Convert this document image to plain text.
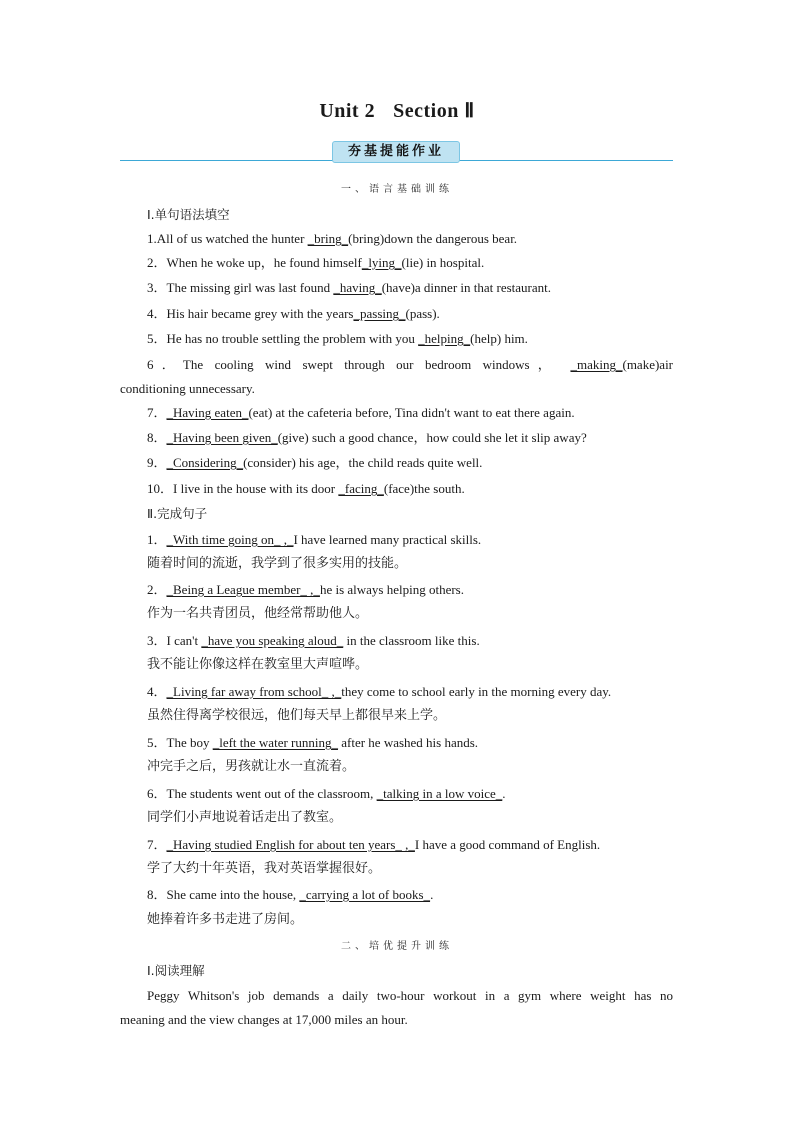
Unit 2 Section Ⅱ
夯基提能作业
一、语言基础训练
Ⅰ.单句语法填空
1.All of us watched the hunter _bring_(bring)down the dangerous bear.
2．When he woke up，he found himself_lying_(lie) in hospital.
3．The missing girl was last found _having_(have)a dinner in that restaurant.
4．His hair became grey with the years_passing_(pass).
5．He has no trouble settling the problem with you _helping_(help) him.
6．The cooling wind swept through our bedroom windows， _making_(make)air
conditioning unnecessary.
7．_Having eaten_(eat) at the cafeteria before, Tina didn't want to eat there again.
8．_Having been given_(give) such a good chance，how could she let it slip away?
9．_Considering_(consider) his age，the child reads quite well.
10．I live in the house with its door _facing_(face)the south.
Ⅱ.完成句子
1．_With time going on_ ,_I have learned many practical skills.
随着时间的流逝，我学到了很多实用的技能。
2．_Being a League member_ ,_he is always helping others.
作为一名共青团员，他经常帮助他人。
3．I can't _have you speaking aloud_ in the classroom like this.
我不能让你像这样在教室里大声喧哗。
4．_Living far away from school_ ,_they come to school early in the morning every day.
虽然住得离学校很远，他们每天早上都很早来上学。
5．The boy _left the water running_ after he washed his hands.
冲完手之后，男孩就让水一直流着。
6．The students went out of the classroom, _talking in a low voice_.
同学们小声地说着话走出了教室。
7．_Having studied English for about ten years_ ,_I have a good command of English.
学了大约十年英语，我对英语掌握很好。
8．She came into the house, _carrying a lot of books_.
她捧着许多书走进了房间。
二、培优提升训练
Ⅰ.阅读理解
Peggy Whitson's job demands a daily two-hour workout in a gym where weight has no
meaning and the view changes at 17,000 miles an hour.
